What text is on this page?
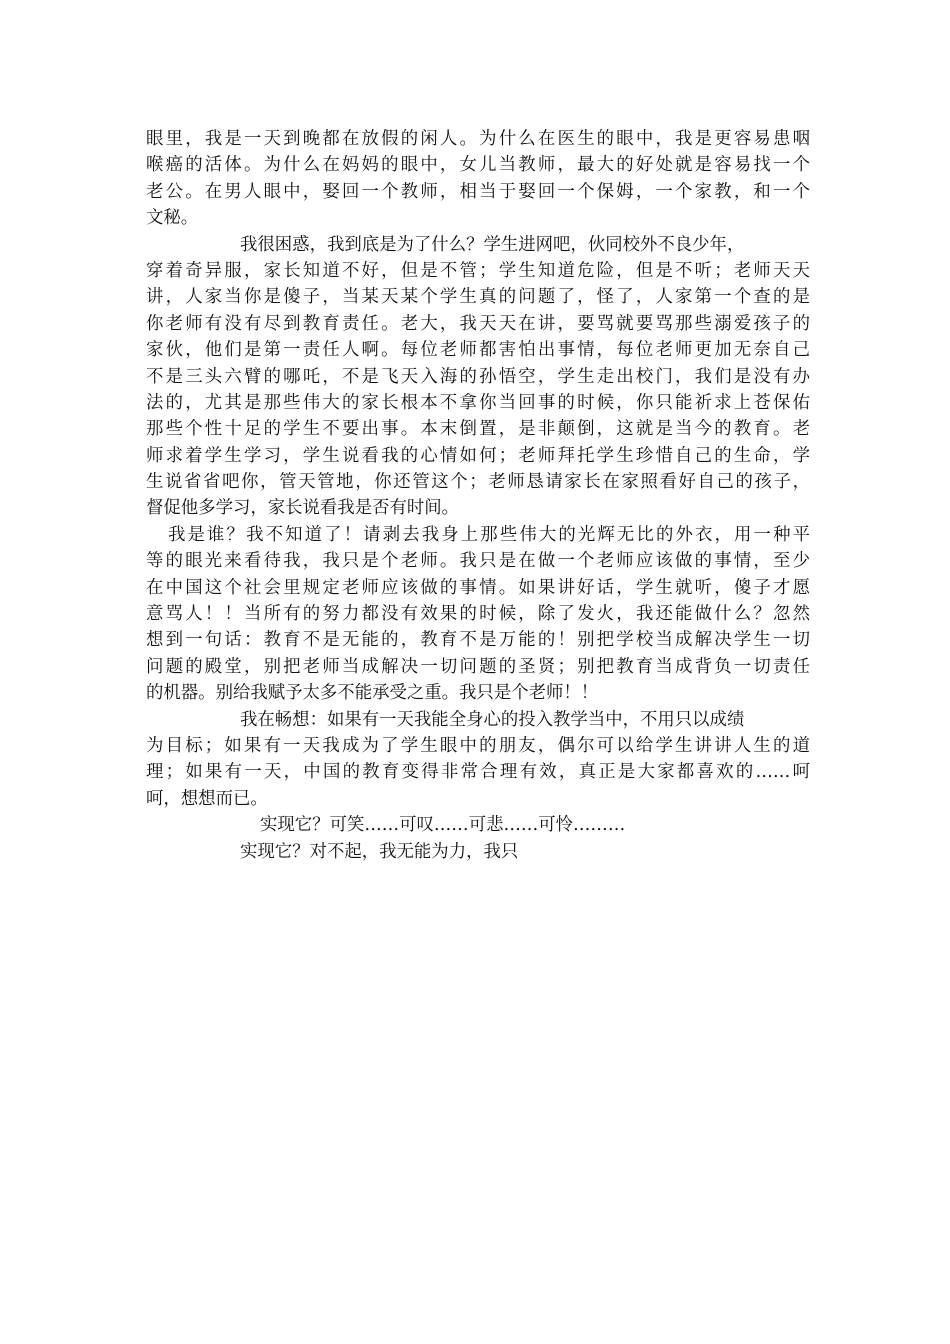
眼里，我是一天到晚都在放假的闲人。为什么在医生的眼中，我是更容易患咽
喉癌的活体。为什么在妈妈的眼中，女儿当教师，最大的好处就是容易找一个
老公。在男人眼中，娶回一个教师，相当于娶回一个保姆，一个家教，和一个
文秘。
我很困惑，我到底是为了什么？学生进网吧，伙同校外不良少年，
穿着奇异服，家长知道不好，但是不管；学生知道危险，但是不听；老师天天
讲，人家当你是傻子，当某天某个学生真的问题了，怪了，人家第一个查的是
你老师有没有尽到教育责任。老大，我天天在讲，要骂就要骂那些溺爱孩子的
家伙，他们是第一责任人啊。每位老师都害怕出事情，每位老师更加无奈自己
不是三头六臂的哪吒，不是飞天入海的孙悟空，学生走出校门，我们是没有办
法的，尤其是那些伟大的家长根本不拿你当回事的时候，你只能祈求上苍保佑
那些个性十足的学生不要出事。本末倒置，是非颠倒，这就是当今的教育。老
师求着学生学习，学生说看我的心情如何；老师拜托学生珍惜自己的生命，学
生说省省吧你，管天管地，你还管这个；老师恳请家长在家照看好自己的孩子，
督促他多学习，家长说看我是否有时间。
我是谁？我不知道了！请剥去我身上那些伟大的光辉无比的外衣，用一种平
等的眼光来看待我，我只是个老师。我只是在做一个老师应该做的事情，至少
在中国这个社会里规定老师应该做的事情。如果讲好话，学生就听，傻子才愿
意骂人！！当所有的努力都没有效果的时候，除了发火，我还能做什么？忽然
想到一句话：教育不是无能的，教育不是万能的！别把学校当成解决学生一切
问题的殿堂，别把老师当成解决一切问题的圣贤；别把教育当成背负一切责任
的机器。别给我赋予太多不能承受之重。我只是个老师！！
我在畅想：如果有一天我能全身心的投入教学当中，不用只以成绩
为目标；如果有一天我成为了学生眼中的朋友，偶尔可以给学生讲讲人生的道
理；如果有一天，中国的教育变得非常合理有效，真正是大家都喜欢的……呵
呵，想想而已。
实现它？可笑……可叹……可悲……可怜………
实现它？对不起，我无能为力，我只
